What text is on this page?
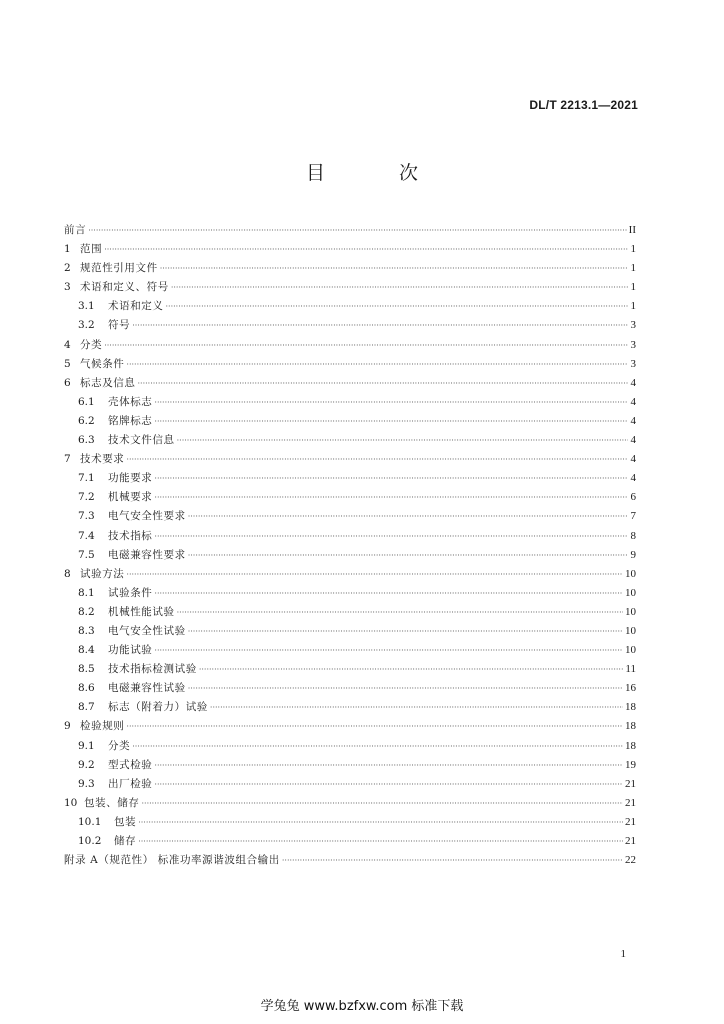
DL/T 2213.1—2021
目 次
前言 ·····	II
1 范围 ·····	1
2 规范性引用文件 ·····	1
3 术语和定义、符号 ·····	1
3.1	术语和定义 ·····	1
3.2	符号 ·····	3
4 分类 ·····	3
5 气候条件 ·····	3
6 标志及信息 ·····	4
6.1	壳体标志 ·····	4
6.2	铭牌标志 ·····	4
6.3	技术文件信息 ·····	4
7 技术要求 ·····	4
7.1	功能要求 ·····	4
7.2	机械要求 ·····	6
7.3	电气安全性要求 ·····	7
7.4	技术指标 ·····	8
7.5	电磁兼容性要求 ·····	9
8 试验方法 ·····	10
8.1	试验条件 ·····	10
8.2	机械性能试验 ·····	10
8.3	电气安全性试验 ·····	10
8.4	功能试验 ·····	10
8.5	技术指标检测试验 ·····	11
8.6	电磁兼容性试验 ·····	16
8.7	标志（附着力）试验 ·····	18
9 检验规则 ·····	18
9.1	分类 ·····	18
9.2	型式检验 ·····	19
9.3	出厂检验 ·····	21
10 包装、储存 ·····	21
10.1	包装 ·····	21
10.2	储存 ·····	21
附录 A（规范性） 标准功率源谐波组合输出 ·····	22
1
学兔兔 www.bzfxw.com 标准下载
